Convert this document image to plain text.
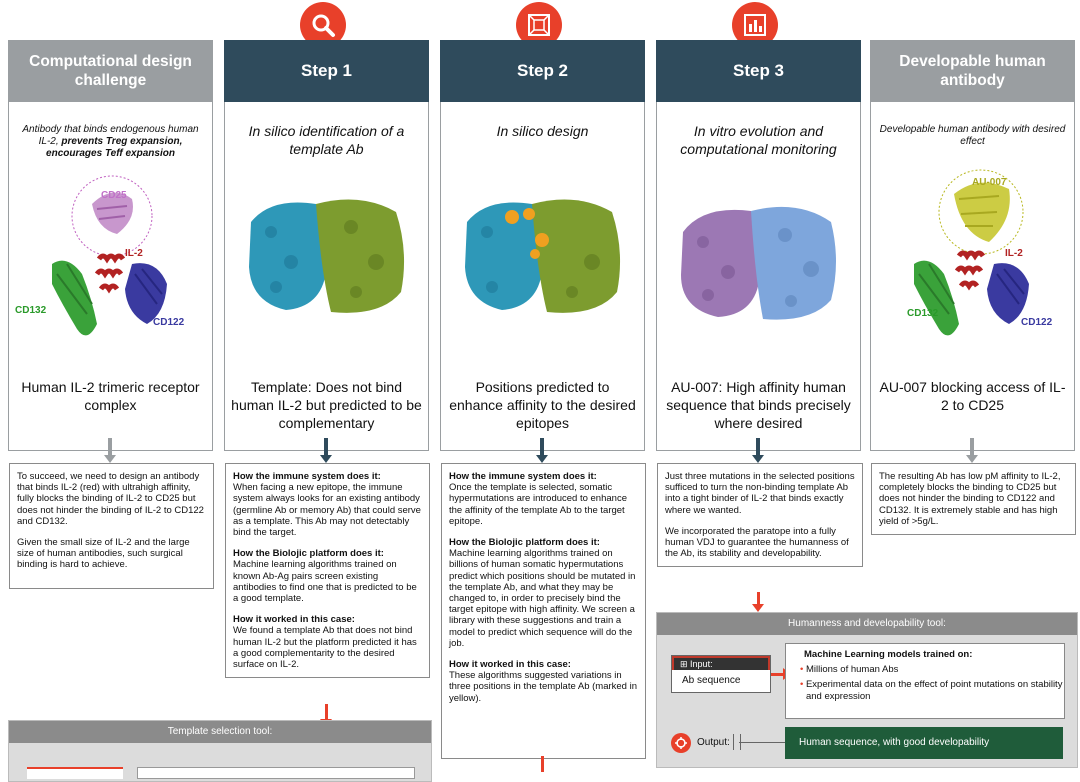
Computational design challenge
Antibody that binds endogenous human IL-2, prevents Treg expansion, encourages Teff expansion
CD25
IL-2
CD132
CD122
Human IL-2 trimeric receptor complex

To succeed, we need to design an antibody that binds IL-2 (red) with ultrahigh affinity, fully blocks the binding of IL-2 to CD25 but does not hinder the binding of IL-2 to CD122 and CD132.

Given the small size of IL-2 and the large size of human antibodies, such surgical binding is hard to achieve.

Step 1
In silico identification of a template Ab
Template: Does not bind human IL-2 but predicted to be complementary

How the immune system does it:
When facing a new epitope, the immune system always looks for an existing antibody (germline Ab or memory Ab) that could serve as a template. This Ab may not detectably bind the target.

How the Biolojic platform does it:
Machine learning algorithms trained on known Ab-Ag pairs screen existing antibodies to find one that is predicted to be a good template.

How it worked in this case:
We found a template Ab that does not bind human IL-2 but the platform predicted it has a good complementarity to the desired surface on IL-2.

Template selection tool:
Step 2
In silico design
Positions predicted to enhance affinity to the desired epitopes

How the immune system does it:
Once the template is selected, somatic hypermutations are introduced to enhance the affinity of the template Ab to the target epitope.

How the Biolojic platform does it:
Machine learning algorithms trained on billions of human somatic hypermutations predict which positions should be mutated in the template Ab, and what they may be changed to, in order to precisely bind the target epitope with high affinity. We screen a library with these suggestions and train a model to predict which sequence will do the job.

How it worked in this case:
These algorithms suggested variations in three positions in the template Ab (marked in yellow).

Step 3
In vitro evolution and computational monitoring
AU-007: High affinity human sequence that binds precisely where desired

Just three mutations in the selected positions sufficed to turn the non-binding template Ab into a tight binder of IL-2 that binds exactly where we wanted.

We incorporated the paratope into a fully human VDJ to guarantee the humanness of the Ab, its stability and developability.

Developable human antibody
Developable human antibody with desired effect
AU-007
IL-2
CD132
CD122
AU-007 blocking access of IL-2 to CD25

The resulting Ab has low pM affinity to IL-2, completely blocks the binding to CD25 but does not hinder the binding to CD122 and CD132. It is extremely stable and has high yield of >5g/L.

Humanness and developability tool:
⊞ Input:
Ab sequence
Machine Learning models trained on:
• Millions of human Abs
• Experimental data on the effect of point mutations on stability and expression
Output:	Human sequence, with good developability
